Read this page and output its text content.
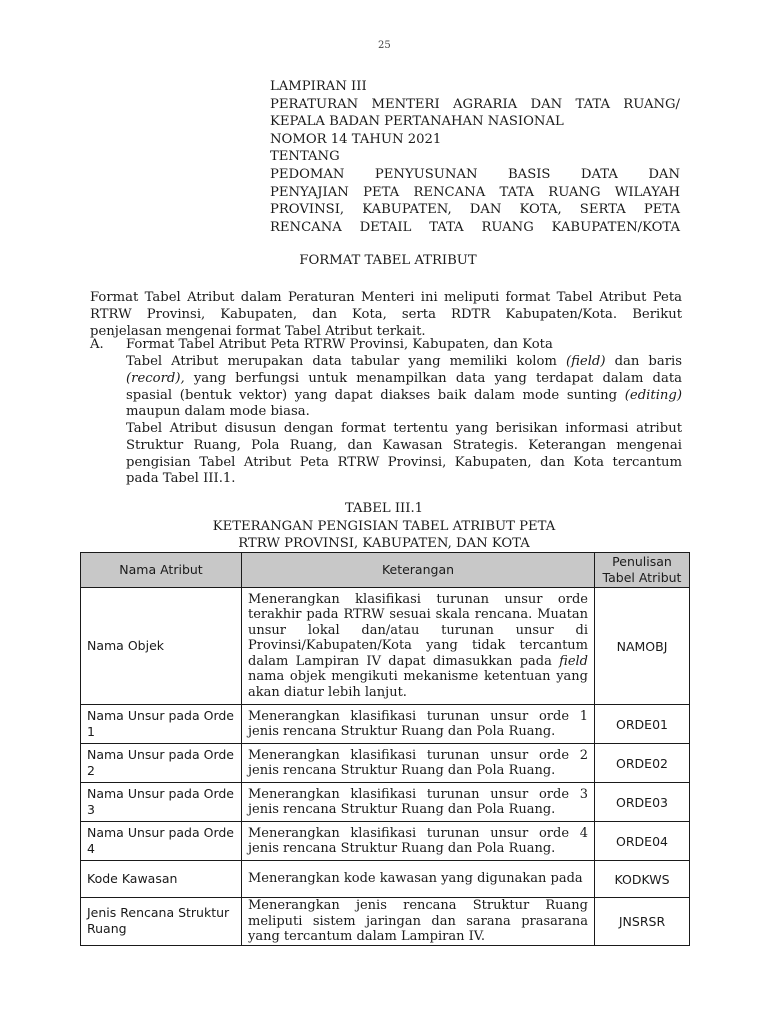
25
LAMPIRAN III
PERATURAN MENTERI AGRARIA DAN TATA RUANG/
KEPALA BADAN PERTANAHAN NASIONAL
NOMOR 14 TAHUN 2021
TENTANG
PEDOMAN PENYUSUNAN BASIS DATA DAN
PENYAJIAN PETA RENCANA TATA RUANG WILAYAH
PROVINSI, KABUPATEN, DAN KOTA, SERTA PETA
RENCANA DETAIL TATA RUANG KABUPATEN/KOTA
FORMAT TABEL ATRIBUT
Format Tabel Atribut dalam Peraturan Menteri ini meliputi format Tabel Atribut Peta
RTRW Provinsi, Kabupaten, dan Kota, serta RDTR Kabupaten/Kota. Berikut
penjelasan mengenai format Tabel Atribut terkait.
A. Format Tabel Atribut Peta RTRW Provinsi, Kabupaten, dan Kota
Tabel Atribut merupakan data tabular yang memiliki kolom (field) dan baris
(record), yang berfungsi untuk menampilkan data yang terdapat dalam data
spasial (bentuk vektor) yang dapat diakses baik dalam mode sunting (editing)
maupun dalam mode biasa.
Tabel Atribut disusun dengan format tertentu yang berisikan informasi atribut
Struktur Ruang, Pola Ruang, dan Kawasan Strategis. Keterangan mengenai
pengisian Tabel Atribut Peta RTRW Provinsi, Kabupaten, dan Kota tercantum
pada Tabel III.1.
TABEL III.1
KETERANGAN PENGISIAN TABEL ATRIBUT PETA
RTRW PROVINSI, KABUPATEN, DAN KOTA
Nama Atribut	Keterangan	Penulisan Tabel Atribut
Nama Objek	Menerangkan klasifikasi turunan unsur orde terakhir pada RTRW sesuai skala rencana. Muatan unsur lokal dan/atau turunan unsur di Provinsi/Kabupaten/Kota yang tidak tercantum dalam Lampiran IV dapat dimasukkan pada field nama objek mengikuti mekanisme ketentuan yang akan diatur lebih lanjut.	NAMOBJ
Nama Unsur pada Orde 1	Menerangkan klasifikasi turunan unsur orde 1 jenis rencana Struktur Ruang dan Pola Ruang.	ORDE01
Nama Unsur pada Orde 2	Menerangkan klasifikasi turunan unsur orde 2 jenis rencana Struktur Ruang dan Pola Ruang.	ORDE02
Nama Unsur pada Orde 3	Menerangkan klasifikasi turunan unsur orde 3 jenis rencana Struktur Ruang dan Pola Ruang.	ORDE03
Nama Unsur pada Orde 4	Menerangkan klasifikasi turunan unsur orde 4 jenis rencana Struktur Ruang dan Pola Ruang.	ORDE04
Kode Kawasan	Menerangkan kode kawasan yang digunakan pada	KODKWS
Jenis Rencana Struktur Ruang	Menerangkan jenis rencana Struktur Ruang meliputi sistem jaringan dan sarana prasarana yang tercantum dalam Lampiran IV.	JNSRSR
